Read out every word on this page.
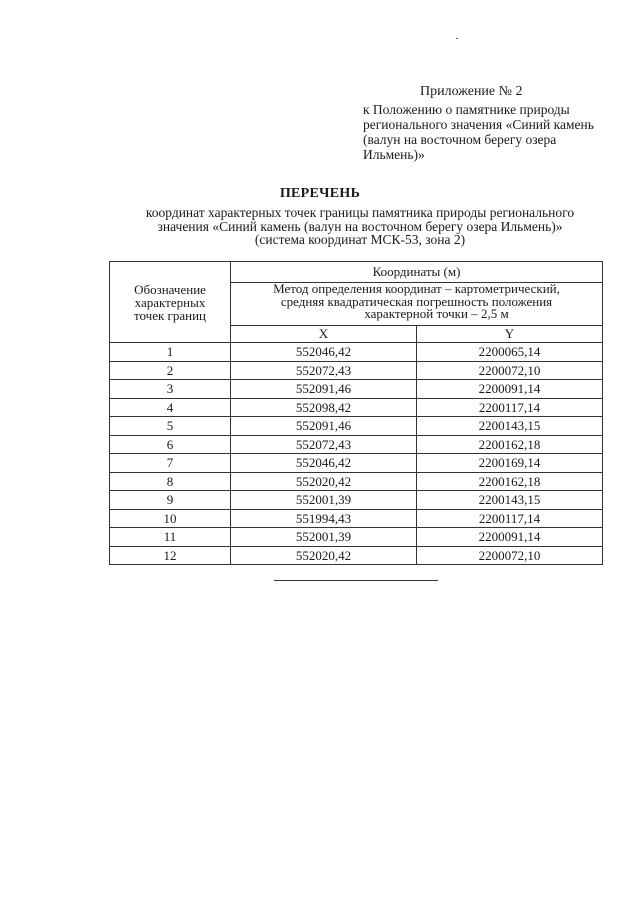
Приложение № 2
к Положению о памятнике природы
регионального значения «Синий камень
(валун на восточном берегу озера
Ильмень)»
ПЕРЕЧЕНЬ
координат характерных точек границы памятника природы регионального
значения «Синий камень (валун на восточном берегу озера Ильмень)»
(система координат МСК-53, зона 2)
Обозначение
характерных
точек границ	Координаты (м)	

	Метод определения координат – картометрический,
средняя квадратическая погрешность положения
характерной точки – 2,5 м	

	X	Y
1	552046,42	2200065,14
2	552072,43	2200072,10
3	552091,46	2200091,14
4	552098,42	2200117,14
5	552091,46	2200143,15
6	552072,43	2200162,18
7	552046,42	2200169,14
8	552020,42	2200162,18
9	552001,39	2200143,15
10	551994,43	2200117,14
11	552001,39	2200091,14
12	552020,42	2200072,10
